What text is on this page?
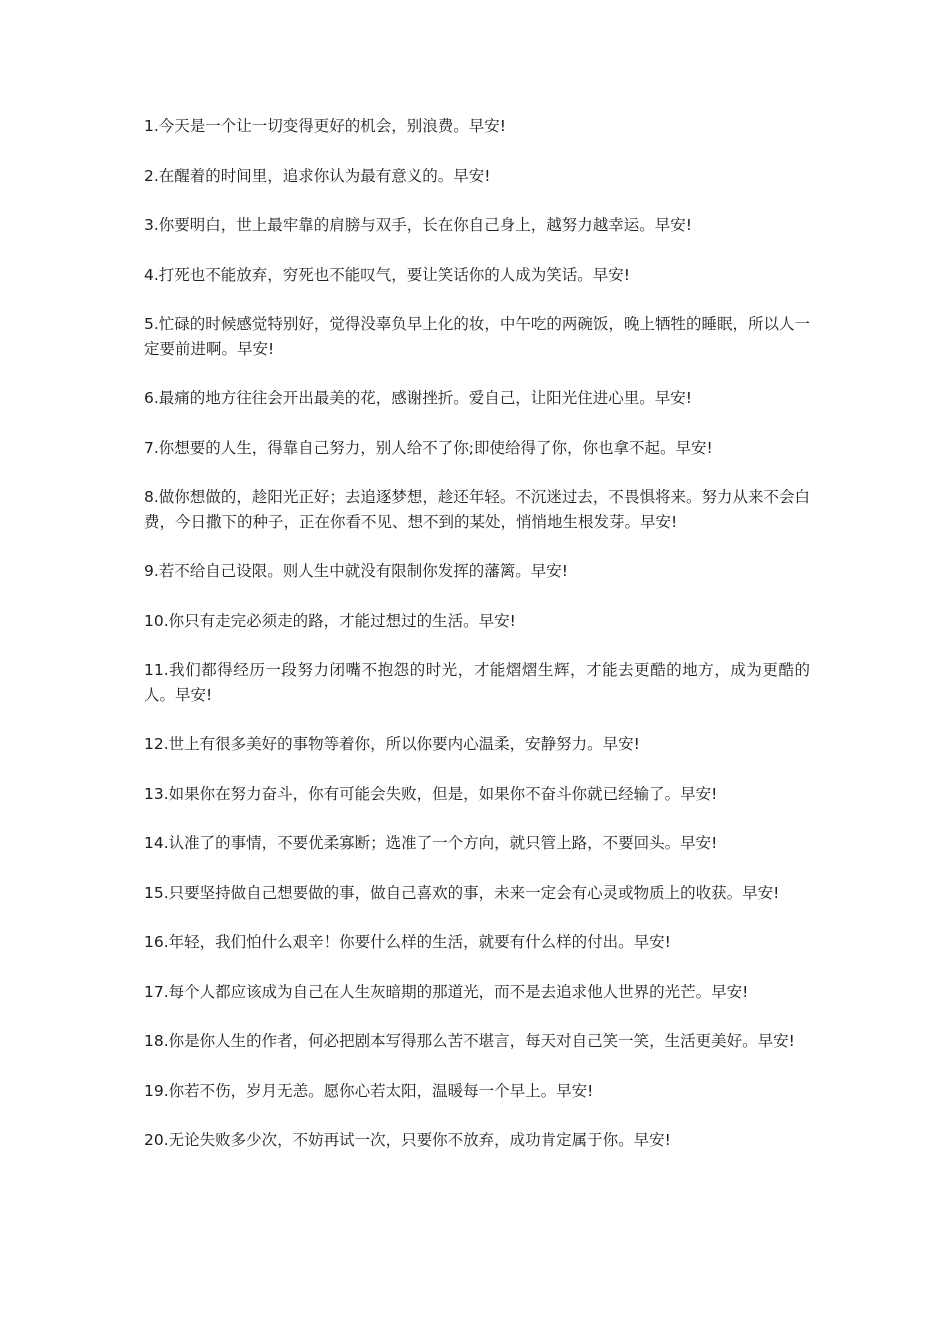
1.今天是一个让一切变得更好的机会，别浪费。早安!

2.在醒着的时间里，追求你认为最有意义的。早安!

3.你要明白，世上最牢靠的肩膀与双手，长在你自己身上，越努力越幸运。早安!

4.打死也不能放弃，穷死也不能叹气，要让笑话你的人成为笑话。早安!

5.忙碌的时候感觉特别好，觉得没辜负早上化的妆，中午吃的两碗饭，晚上牺牲的睡眠，所以人一定要前进啊。早安!

6.最痛的地方往往会开出最美的花，感谢挫折。爱自己，让阳光住进心里。早安!

7.你想要的人生，得靠自己努力，别人给不了你;即使给得了你，你也拿不起。早安!

8.做你想做的，趁阳光正好；去追逐梦想，趁还年轻。不沉迷过去，不畏惧将来。努力从来不会白费，今日撒下的种子，正在你看不见、想不到的某处，悄悄地生根发芽。早安!

9.若不给自己设限。则人生中就没有限制你发挥的藩篱。早安!

10.你只有走完必须走的路，才能过想过的生活。早安!

11.我们都得经历一段努力闭嘴不抱怨的时光，才能熠熠生辉，才能去更酷的地方，成为更酷的人。早安!

12.世上有很多美好的事物等着你，所以你要内心温柔，安静努力。早安!

13.如果你在努力奋斗，你有可能会失败，但是，如果你不奋斗你就已经输了。早安!

14.认准了的事情，不要优柔寡断；选准了一个方向，就只管上路，不要回头。早安!

15.只要坚持做自己想要做的事，做自己喜欢的事，未来一定会有心灵或物质上的收获。早安!

16.年轻，我们怕什么艰辛！你要什么样的生活，就要有什么样的付出。早安!

17.每个人都应该成为自己在人生灰暗期的那道光，而不是去追求他人世界的光芒。早安!

18.你是你人生的作者，何必把剧本写得那么苦不堪言，每天对自己笑一笑，生活更美好。早安!

19.你若不伤，岁月无恙。愿你心若太阳，温暖每一个早上。早安!

20.无论失败多少次，不妨再试一次，只要你不放弃，成功肯定属于你。早安!
